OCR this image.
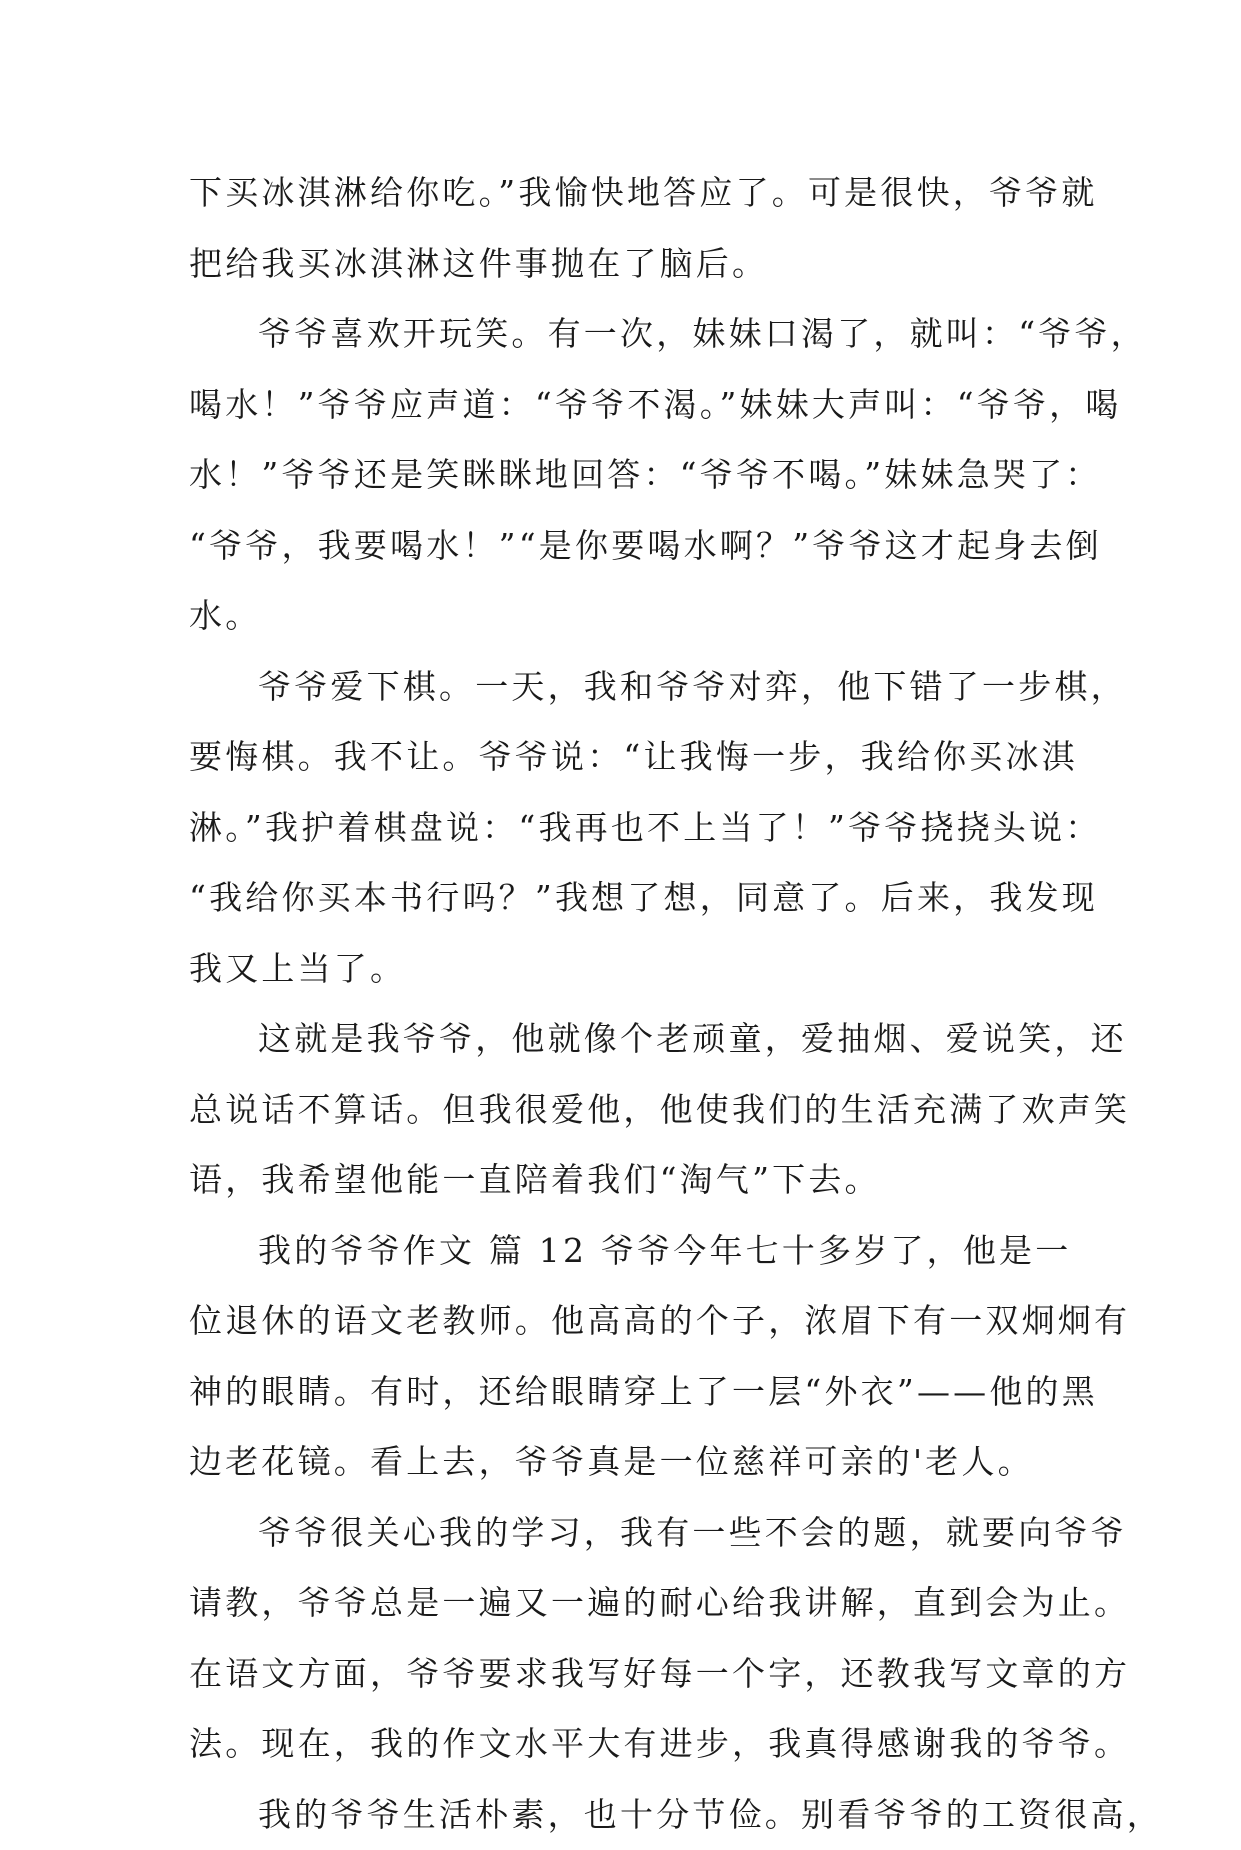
下买冰淇淋给你吃。”我愉快地答应了。可是很快，爷爷就
把给我买冰淇淋这件事抛在了脑后。
爷爷喜欢开玩笑。有一次，妹妹口渴了，就叫：“爷爷，
喝水！”爷爷应声道：“爷爷不渴。”妹妹大声叫：“爷爷，喝
水！”爷爷还是笑眯眯地回答：“爷爷不喝。”妹妹急哭了：
“爷爷，我要喝水！”“是你要喝水啊？”爷爷这才起身去倒
水。
爷爷爱下棋。一天，我和爷爷对弈，他下错了一步棋，
要悔棋。我不让。爷爷说：“让我悔一步，我给你买冰淇
淋。”我护着棋盘说：“我再也不上当了！”爷爷挠挠头说：
“我给你买本书行吗？”我想了想，同意了。后来，我发现
我又上当了。
这就是我爷爷，他就像个老顽童，爱抽烟、爱说笑，还
总说话不算话。但我很爱他，他使我们的生活充满了欢声笑
语，我希望他能一直陪着我们“淘气”下去。
我的爷爷作文 篇 12 爷爷今年七十多岁了，他是一
位退休的语文老教师。他高高的个子，浓眉下有一双炯炯有
神的眼睛。有时，还给眼睛穿上了一层“外衣”——他的黑
边老花镜。看上去，爷爷真是一位慈祥可亲的'老人。
爷爷很关心我的学习，我有一些不会的题，就要向爷爷
请教，爷爷总是一遍又一遍的耐心给我讲解，直到会为止。
在语文方面，爷爷要求我写好每一个字，还教我写文章的方
法。现在，我的作文水平大有进步，我真得感谢我的爷爷。
我的爷爷生活朴素，也十分节俭。别看爷爷的工资很高，
